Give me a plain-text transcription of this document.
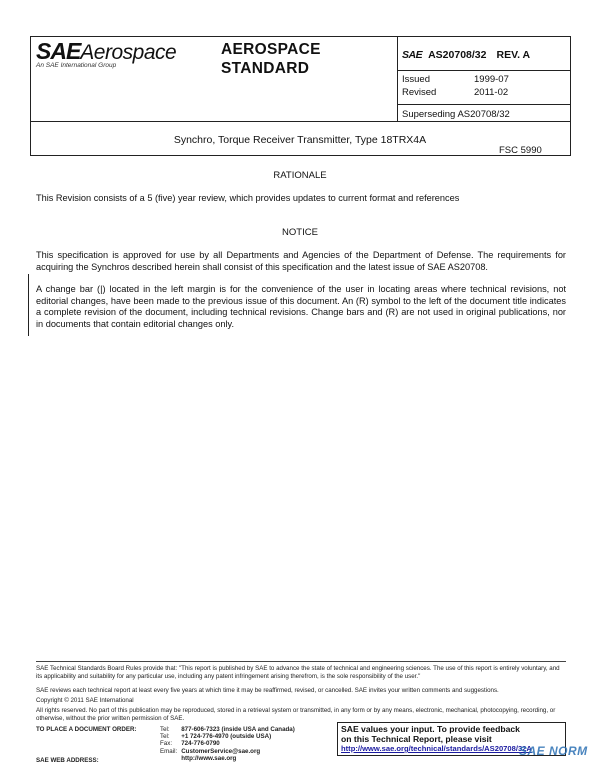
SAEAerospace
An SAE International Group
AEROSPACE
STANDARD
SAE AS20708/32 REV. A
Issued	1999-07
Revised	2011-02
Superseding AS20708/32
Synchro, Torque Receiver Transmitter, Type 18TRX4A
FSC 5990
RATIONALE
This Revision consists of a 5 (five) year review, which provides updates to current format and references
NOTICE
This specification is approved for use by all Departments and Agencies of the Department of Defense. The requirements for acquiring the Synchros described herein shall consist of this specification and the latest issue of SAE AS20708.
A change bar (|) located in the left margin is for the convenience of the user in locating areas where technical revisions, not editorial changes, have been made to the previous issue of this document. An (R) symbol to the left of the document title indicates a complete revision of the document, including technical revisions. Change bars and (R) are not used in original publications, nor in documents that contain editorial changes only.
SAE Technical Standards Board Rules provide that: "This report is published by SAE to advance the state of technical and engineering sciences. The use of this report is entirely voluntary, and its applicability and suitability for any particular use, including any patent infringement arising therefrom, is the sole responsibility of the user."
SAE reviews each technical report at least every five years at which time it may be reaffirmed, revised, or cancelled. SAE invites your written comments and suggestions.
Copyright © 2011 SAE International
All rights reserved. No part of this publication may be reproduced, stored in a retrieval system or transmitted, in any form or by any means, electronic, mechanical, photocopying, recording, or otherwise, without the prior written permission of SAE.
TO PLACE A DOCUMENT ORDER:
SAE WEB ADDRESS:
Tel:	877-606-7323 (inside USA and Canada)
Tel:	+1 724-776-4970 (outside USA)
Fax:	724-776-0790
Email:	CustomerService@sae.org
	http://www.sae.org
SAE values your input. To provide feedback
on this Technical Report, please visit
http://www.sae.org/technical/standards/AS20708/32A
SAE NORM
